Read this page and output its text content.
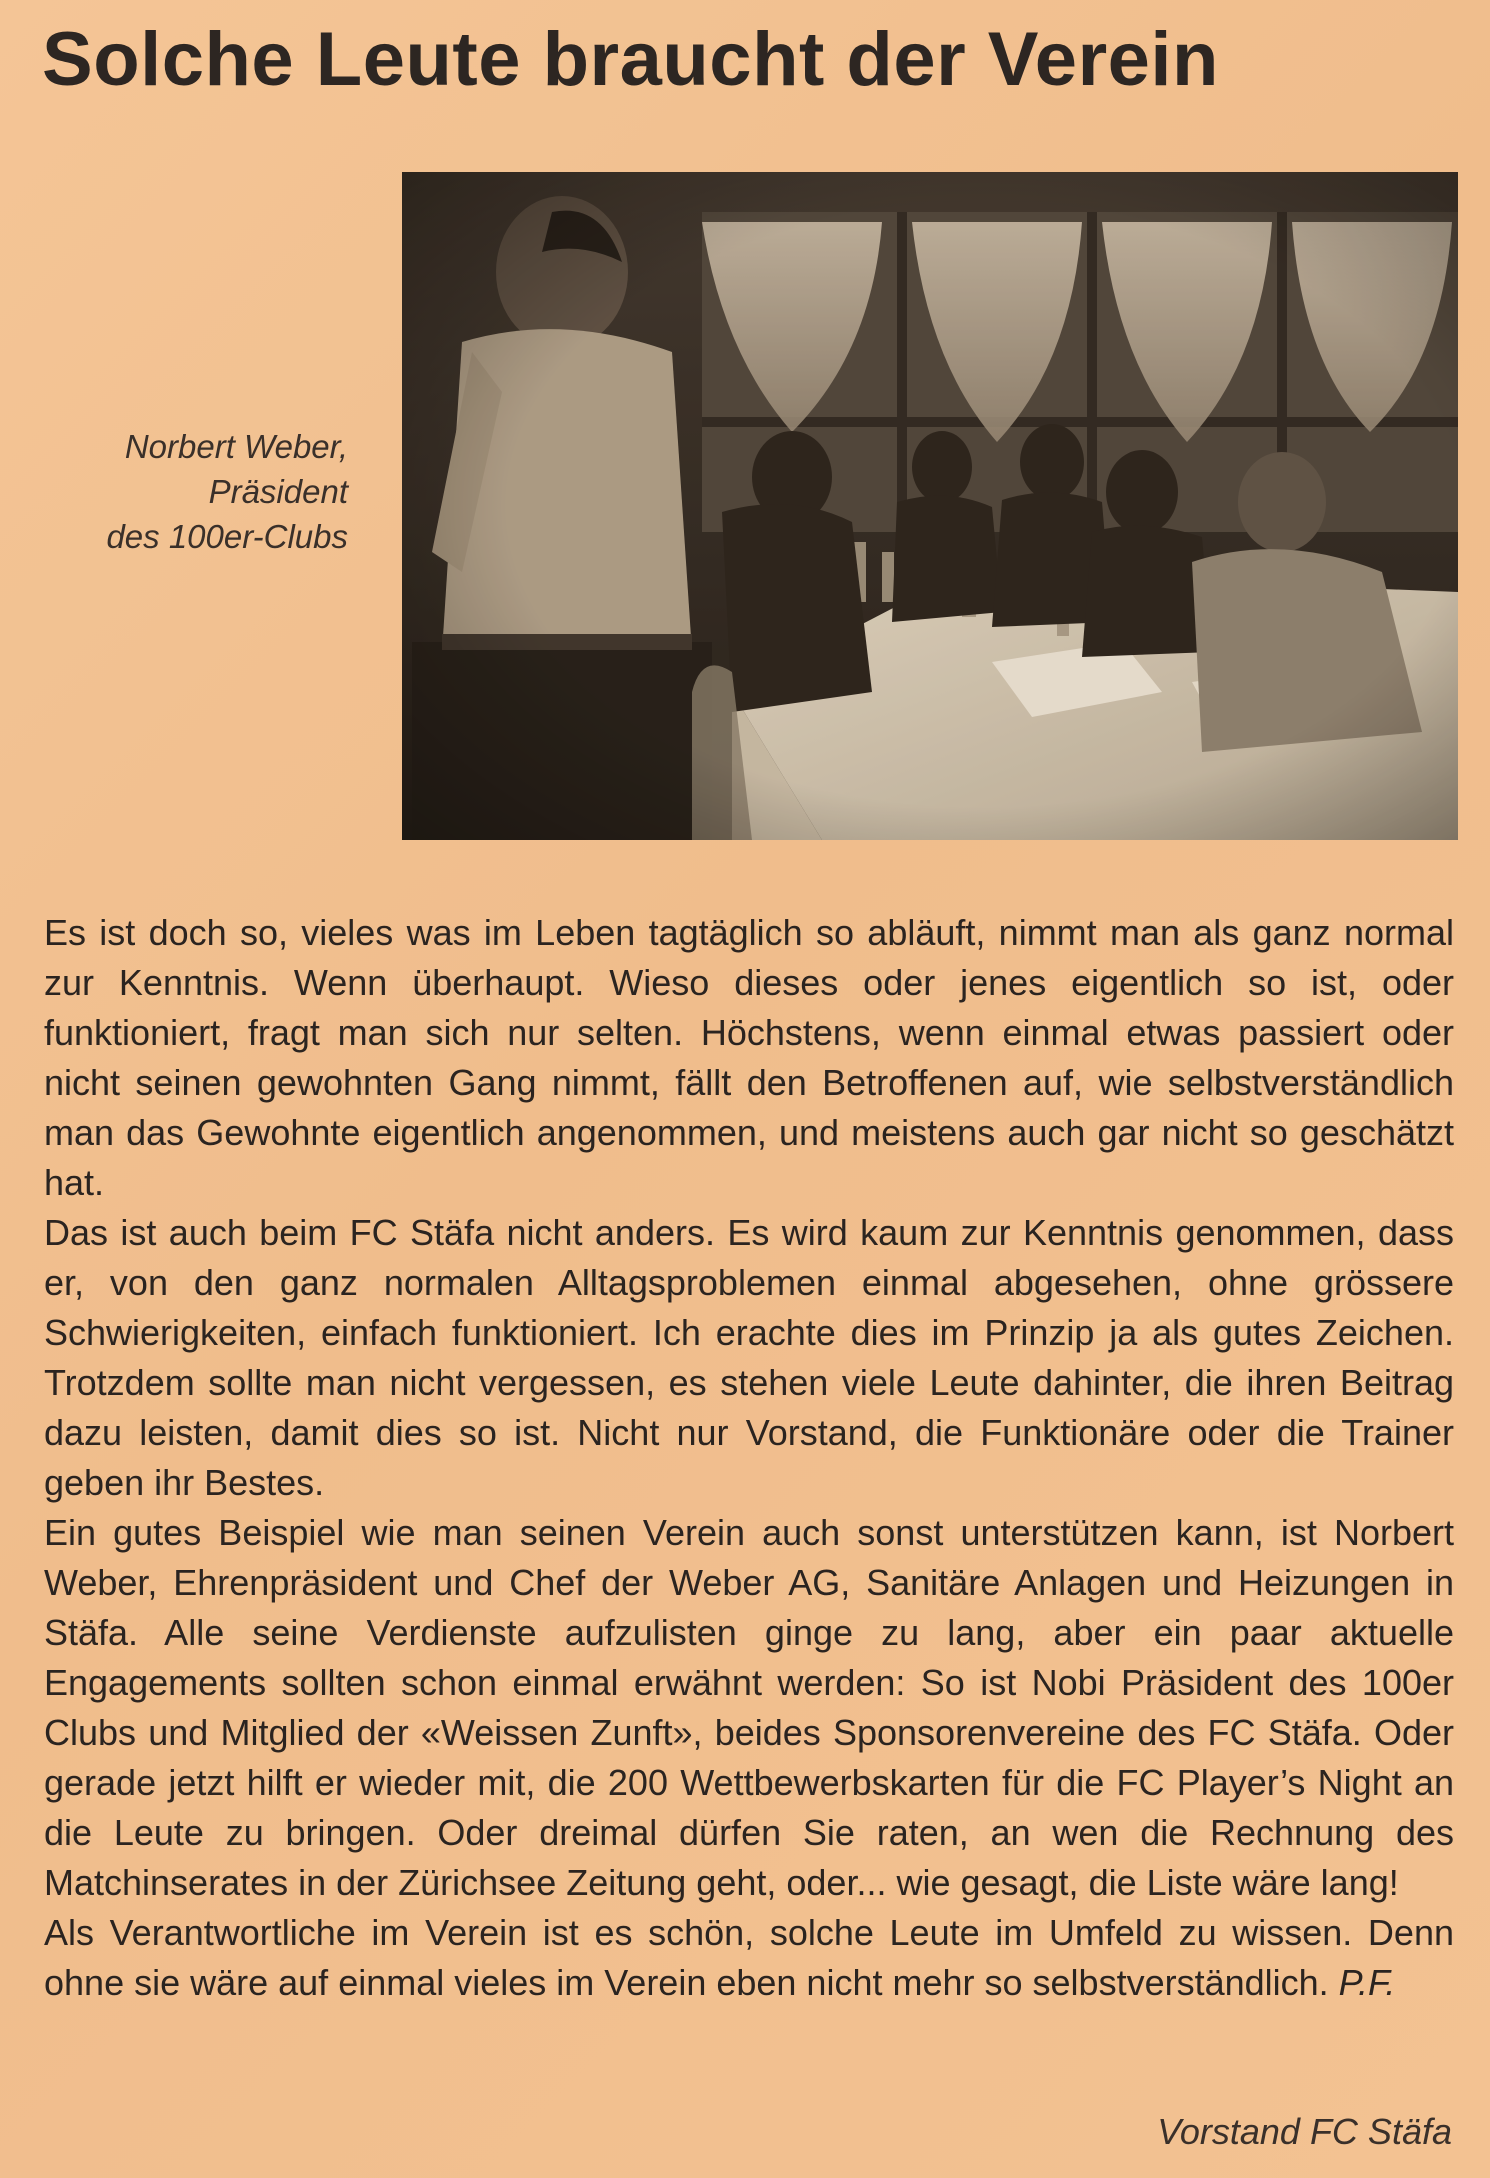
Solche Leute braucht der Verein
Norbert Weber,
Präsident
des 100er-Clubs

Es ist doch so, vieles was im Leben tagtäglich so abläuft, nimmt man als ganz normal zur Kenntnis. Wenn überhaupt. Wieso dieses oder jenes eigentlich so ist, oder funktioniert, fragt man sich nur selten. Höchstens, wenn einmal etwas passiert oder nicht seinen gewohnten Gang nimmt, fällt den Betroffenen auf, wie selbstverständlich man das Gewohnte eigentlich angenommen, und meistens auch gar nicht so geschätzt hat.

Das ist auch beim FC Stäfa nicht anders. Es wird kaum zur Kenntnis genommen, dass er, von den ganz normalen Alltagsproblemen einmal abgesehen, ohne grössere Schwierigkeiten, einfach funktioniert. Ich erachte dies im Prinzip ja als gutes Zeichen. Trotzdem sollte man nicht vergessen, es stehen viele Leute dahinter, die ihren Beitrag dazu leisten, damit dies so ist. Nicht nur Vorstand, die Funktionäre oder die Trainer geben ihr Bestes.

Ein gutes Beispiel wie man seinen Verein auch sonst unterstützen kann, ist Norbert Weber, Ehrenpräsident und Chef der Weber AG, Sanitäre Anlagen und Heizungen in Stäfa. Alle seine Verdienste aufzulisten ginge zu lang, aber ein paar aktuelle Engagements sollten schon einmal erwähnt werden: So ist Nobi Präsident des 100er Clubs und Mitglied der «Weissen Zunft», beides Sponsorenvereine des FC Stäfa. Oder gerade jetzt hilft er wieder mit, die 200 Wettbewerbskarten für die FC Player’s Night an die Leute zu bringen. Oder dreimal dürfen Sie raten, an wen die Rechnung des Matchinserates in der Zürichsee Zeitung geht, oder... wie gesagt, die Liste wäre lang!

Als Verantwortliche im Verein ist es schön, solche Leute im Umfeld zu wissen. Denn ohne sie wäre auf einmal vieles im Verein eben nicht mehr so selbstverständlich. P.F.

Vorstand FC Stäfa
